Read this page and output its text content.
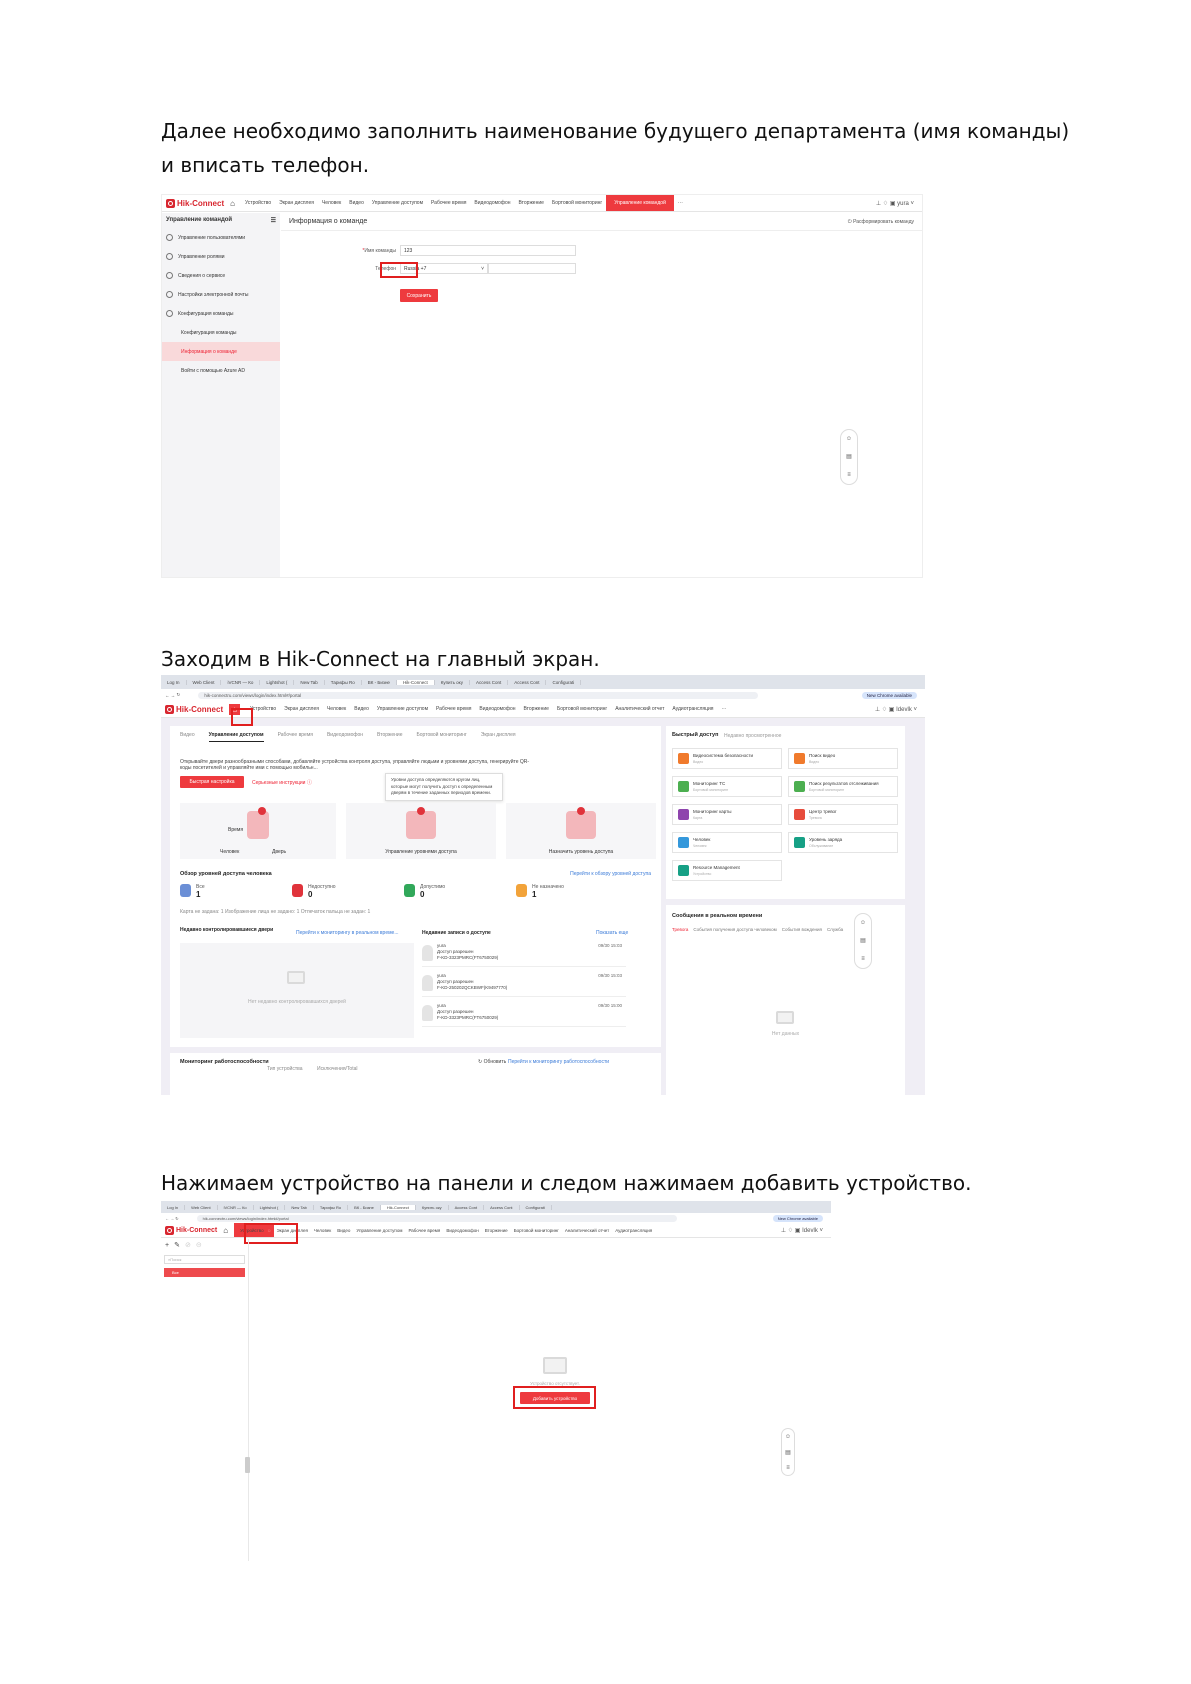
Далее необходимо заполнить наименование будущего департамента (имя команды) и вписать телефон.

Заходим в Hik-Connect на главный экран.

Нажимаем устройство на панели и следом нажимаем добавить устройство.

Hik-Connect ⌂	Устройство	Экран дисплея	Человек	Видео	Управление доступом	Рабочее время	Видеодомофон	Вторжение	Бортовой мониторинг	Управление командой	···	⊥ ♢ ▣ yura ˅
Управление командой	☰
Управление пользователями
Управление ролями
Сведения о сервисе
Настройки электронной почты
Конфигурация команды
Конфигурация команды
Информация о команде
Войти с помощью Azure AD
Информация о команде	⏻ Расформировать команду
*Имя команды	123
Телефон Russia +7	˅
Сохранить
☺
▤
≡
Log In	Web Client	iVCNR — Ко	Lightshot (	New Tab	Тарифы Ro	ВК - Бизне	Hik-Connect	Купить оку	Access Cont	Access Cont	Configurati
←
→
↻	hik-connectru.com/views/login/index.html#/portal	New Chrome available
Hik-Connect	⌂	Устройство	Экран дисплея	Человек	Видео	Управление доступом	Рабочее время	Видеодомофон	Вторжение	Бортовой мониторинг	Аналитический отчет	Аудиотрансляция	···	⊥ ♢ ▣ Idevlk ˅
Видео	Управление доступом	Рабочее время	Видеодомофон	Вторжение	Бортовой мониторинг	Экран дисплея
Открывайте двери разнообразными способами, добавляйте устройства контроля доступа, управляйте людьми и уровнями доступа, генерируйте QR-коды посетителей и управляйте ими с помощью мобильн...
Быстрая настройка	Серьезные инструкции ⓘ
Уровни доступа определяются кругом лиц, которые могут получить доступ к определенным дверям в течение заданных периодов времени.
Время
Человек	Дверь	Управление уровнями доступа	Назначить уровень доступа
Обзор уровней доступа человека	Перейти к обзору уровней доступа
Все
1
Недоступно
0
Допустимо
0
Не назначено
1
Карта не задана: 1 Изображение лица не задано: 1 Отпечаток пальца не задан: 1
Недавно контролировавшиеся двери	Перейти к мониторингу в реальном време...
Нет недавно контролировавшихся дверей
Недавние записи о доступе	Показать еще
yura
Доступ разрешен
F-KD-3323PMRC(FT6750029)
09/30 15:03
yura
Доступ разрешен
F-KD-250202QCKBWF(K9497770)
09/30 15:03
yura
Доступ разрешен
F-KD-3323PMRC(FT6750029)
09/30 15:00
Мониторинг работоспособности	↻ Обновить Перейти к мониторингу работоспособности
Тип устройства	Исключения/Total
Быстрый доступ Недавно просмотренное
Видеосистема безопасности
Видео
Поиск видео
Видео
Мониторинг ТС
Бортовой мониторинг
Поиск результатов отслеживания
Бортовой мониторинг
Мониторинг карты
Карта
Центр тревог
Тревога
Человек
Человек
Уровень заряда
Обслуживание
Resource Management
Устройство
Сообщения в реальном времени
Тревога События получения доступа человеком События вождения Служба
Нет данных
☺
▤
≡
Log In	Web Client	iVCNR — Ко	Lightshot (	New Tab	Тарифы Ro	ВК - Бизне	Hik-Connect	Купить оку	Access Cont	Access Cont	Configurati
←
→
↻	hik-connectru.com/views/login/index.html#/portal	New Chrome available
Hik-Connect ⌂	Устройство ◌	Экран дисплея	Человек	Видео	Управление доступом	Рабочее время	Видеодомофон	Вторжение	Бортовой мониторинг	Аналитический отчет	Аудиотрансляция	⊥ ♢ ▣ Idevlk ˅
+✎⊘⊝
⌕ Поиск
Все
Устройство отсутствует.
Добавить устройство
☺
▤
≡
